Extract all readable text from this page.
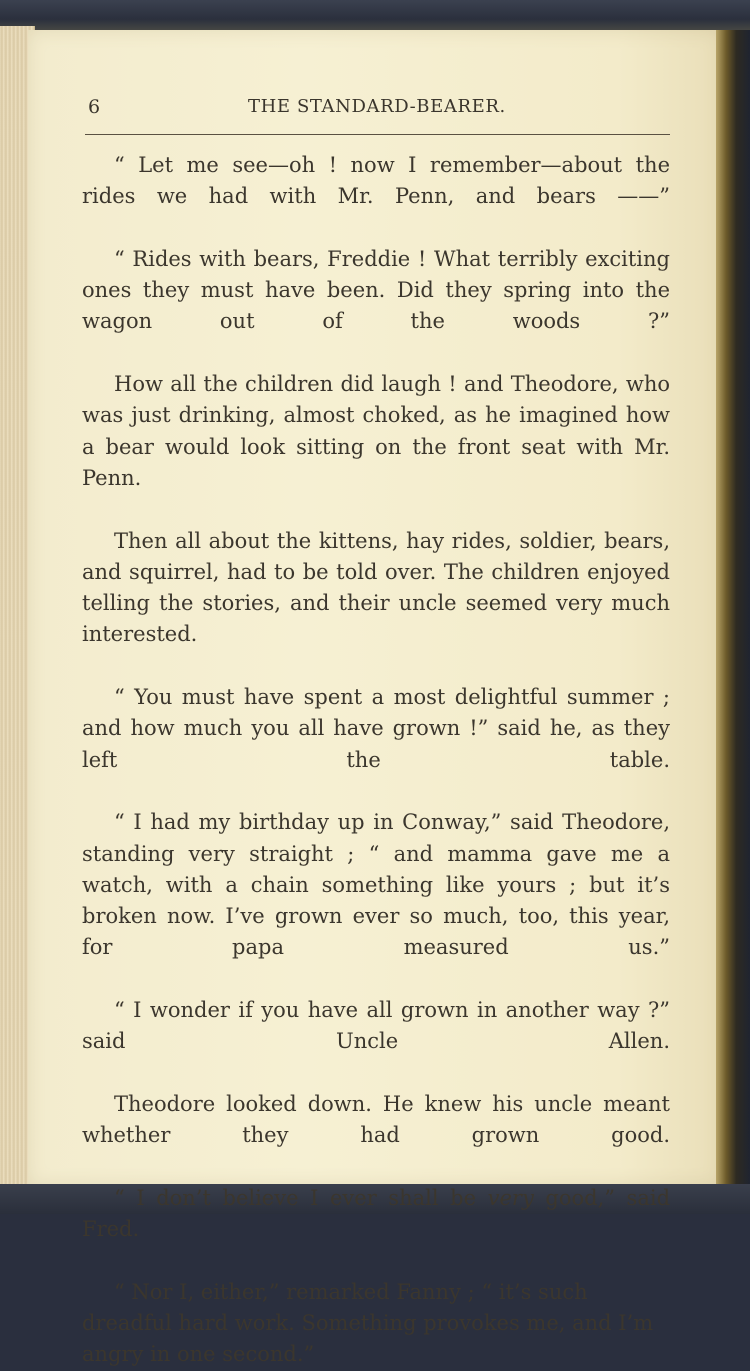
6	THE STANDARD-BEARER.

“ Let me see—oh ! now I remember—about the rides we had with Mr. Penn, and bears ——”

“ Rides with bears, Freddie ! What terribly exciting ones they must have been. Did they spring into the wagon out of the woods ?”

How all the children did laugh ! and Theodore, who was just drinking, almost choked, as he imagined how a bear would look sitting on the front seat with Mr. Penn.

Then all about the kittens, hay rides, soldier, bears, and squirrel, had to be told over. The children enjoyed telling the stories, and their uncle seemed very much interested.

“ You must have spent a most delightful summer ; and how much you all have grown !” said he, as they left the table.

“ I had my birthday up in Conway,” said Theodore, standing very straight ; “ and mamma gave me a watch, with a chain something like yours ; but it’s broken now. I’ve grown ever so much, too, this year, for papa measured us.”

“ I wonder if you have all grown in another way ?” said Uncle Allen.

Theodore looked down. He knew his uncle meant whether they had grown good.

“ I don’t believe I ever shall be very good,” said Fred.

“ Nor I, either,” remarked Fanny ; “ it’s such dreadful hard work. Something provokes me, and I’m angry in one second.”
